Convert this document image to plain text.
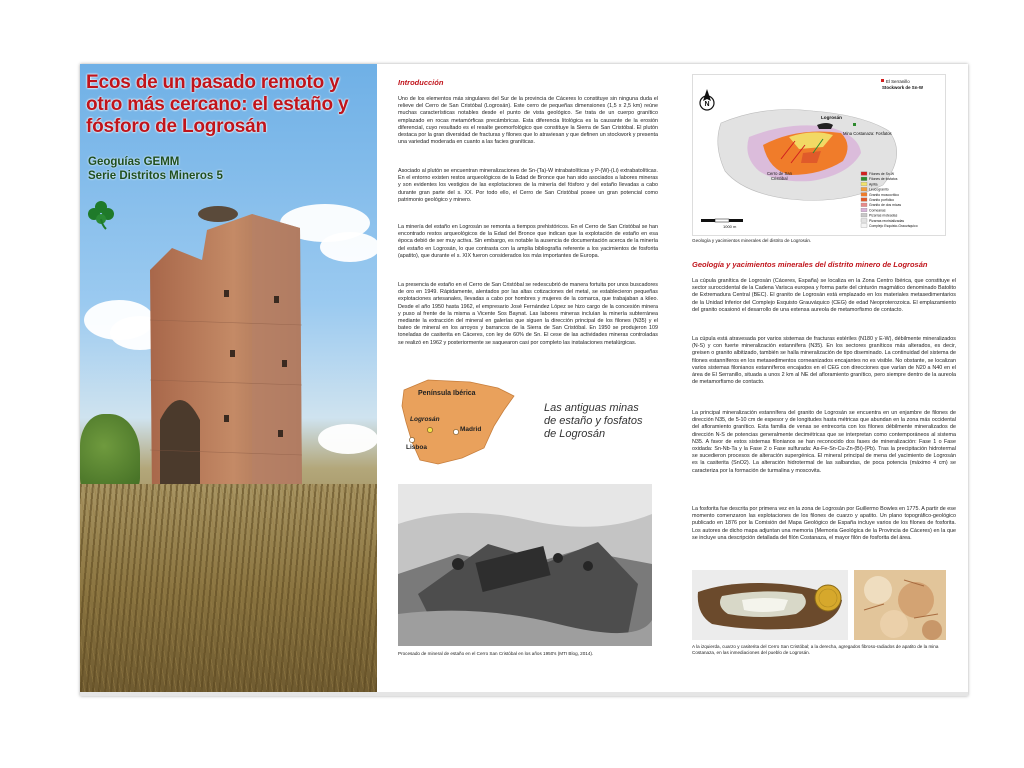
Ecos de un pasado remoto y otro más cercano: el estaño y fósforo de Logrosán

Geoguías GEMM

Serie Distritos Mineros 5

Introducción

Uno de los elementos más singulares del Sur de la provincia de Cáceres lo constituye sin ninguna duda el relieve del Cerro de San Cristóbal (Logrosán). Este cerro de pequeñas dimensiones (1,5 x 2,5 km) reúne muchas características notables desde el punto de vista geológico. Se trata de un cuerpo granítico emplazado en rocas metamórficas precámbricas. Esta diferencia litológica es la causante de la erosión diferencial, cuyo resultado es el resalte geomorfológico que constituye la Sierra de San Cristóbal. El plutón destaca por la gran diversidad de fracturas y filones que lo atraviesan y que definen un stockwork y presenta una variedad moderada en cuanto a las facies graníticas.

Asociado al plutón se encuentran mineralizaciones de Sn-(Ta)-W intrabatolíticas y P-(W)-(Li) extrabatolíticas. En el entorno existen restos arqueológicos de la Edad de Bronce que han sido asociados a labores mineras y son evidentes los vestigios de las explotaciones de la minería del fósforo y del estaño llevadas a cabo durante gran parte del s. XX. Por todo ello, el Cerro de San Cristóbal posee un gran potencial como patrimonio geológico y minero.

La minería del estaño en Logrosán se remonta a tiempos prehistóricos. En el Cerro de San Cristóbal se han encontrado restos arqueológicos de la Edad del Bronce que indican que la explotación de estaño en esa época debió de ser muy activa. Sin embargo, es notable la ausencia de documentación acerca de la minería del estaño en Logrosán, lo que contrasta con la amplia bibliografía referente a los yacimientos de fosforita (apatito), que durante el s. XIX fueron considerados los más importantes de Europa.

La presencia de estaño en el Cerro de San Cristóbal se redescubrió de manera fortuita por unos buscadores de oro en 1949. Rápidamente, alentados por las altas cotizaciones del metal, se establecieron pequeñas explotaciones artesanales, llevadas a cabo por hombres y mujeres de la comarca, que trabajaban a kileo. Desde el año 1950 hasta 1962, el empresario José Fernández López se hizo cargo de la concesión minera y puso al frente de la misma a Vicente Sos Baynat. Las labores mineras incluían la minería subterránea mediante la extracción del mineral en galerías que siguen la dirección principal de los filones (N35) y el bateo de mineral en los arroyos y barrancos de la Sierra de San Cristóbal. En 1950 se produjeron 109 toneladas de casiterita en Cáceres, con ley de 60% de Sn. El cese de las actividades mineras controladas se realizó en 1962 y posteriormente se saquearon casi por completo las instalaciones metalúrgicas.

Península Ibérica
Logrosán
Madrid
Lisboa

Las antiguas minas de estaño y fosfatos de Logrosán

Procesado de mineral de estaño en el Cerro San Cristóbal en los años 1950's (MTI Blog, 2014).

N
El Serranillo
Stockwork de Sn-W
Logrosán
Mina Costanaza: Fosfatos
Cerro de San
Cristóbal
1000 m
Filones de Sn-W
Filones de fosfatos
Aplita
Leucogranito
Granito moscovítico
Granito porfídico
Granito de dos micas
Corneanas
Pizarras moteadas
Pizarras recristalizadas
Complejo Esquisto-Grauváquico

Geología y yacimientos minerales del distrito de Logrosán.

Geología y yacimientos minerales del distrito minero de Logrosán

La cúpula granítica de Logrosán (Cáceres, España) se localiza en la Zona Centro Ibérica, que constituye el sector suroccidental de la Cadena Varisca europea y forma parte del cinturón magmático denominado Batolito de Extremadura Central (BEC). El granito de Logrosán está emplazado en los materiales metasedimentarios de la Unidad Inferior del Complejo Esquisto Grauváquico (CEG) de edad Neoproterozoica. El emplazamiento del granito ocasionó el desarrollo de una extensa aureola de metamorfismo de contacto.

La cúpula está atravesada por varios sistemas de fracturas estériles (N180 y E-W), débilmente mineralizados (N-S) y con fuerte mineralización estannífera (N35). En los sectores graníticos más alterados, es decir, greisen o granito albitizado, también se halla mineralización de tipo diseminado. La continuidad del sistema de filones estanníferos en los metasedimentos corneanizados encajantes no es visible. No obstante, se localizan varios sistemas filonianos estanníferos encajados en el CEG con direcciones que varían de N20 a N40 en el área de El Serranillo, situada a unos 2 km al NE del afloramiento granítico, pero siempre dentro de la aureola de metamorfismo de contacto.

La principal mineralización estannífera del granito de Logrosán se encuentra en un enjambre de filones de dirección N35, de 5-10 cm de espesor y de longitudes hasta métricas que abundan en la zona más occidental del afloramiento granítico. Esta familia de venas se entrecorta con los filones débilmente mineralizados de dirección N-S de potencias generalmente decimétricas que se interpretan como contemporáneos al sistema N35. A favor de estos sistemas filonianos se han reconocido dos fases de mineralización: Fase 1 o Fase oxidada: Sn-Nb-Ta y la Fase 2 o Fase sulfurada: As-Fe-Sn-Cu-Zn-(Bi)-(Pb). Tras la precipitación hidrotermal se sucedieron procesos de alteración supergénica. El mineral principal de mena del yacimiento de Logrosán es la casiterita (SnO2). La alteración hidrotermal de las salbandas, de poca potencia (máximo 4 cm) se caracteriza por la formación de turmalina y moscovita.

La fosforita fue descrita por primera vez en la zona de Logrosán por Guillermo Bowles en 1775. A partir de ese momento comenzaron las explotaciones de los filones de cuarzo y apatito. Un plano topográfico-geológico publicado en 1876 por la Comisión del Mapa Geológico de España incluye varios de los filones de fosforita. Los autores de dicho mapa adjuntan una memoria (Memoria Geológica de la Provincia de Cáceres) en la que se incluye una descripción detallada del filón Costanaza, el mayor filón de fosforita del área.

A la izquierda, cuarzo y casiterita del Cerro San Cristóbal; a la derecha, agregados fibroso-radiados de apatito de la mina Costanaza, en las inmediaciones del pueblo de Logrosán.
